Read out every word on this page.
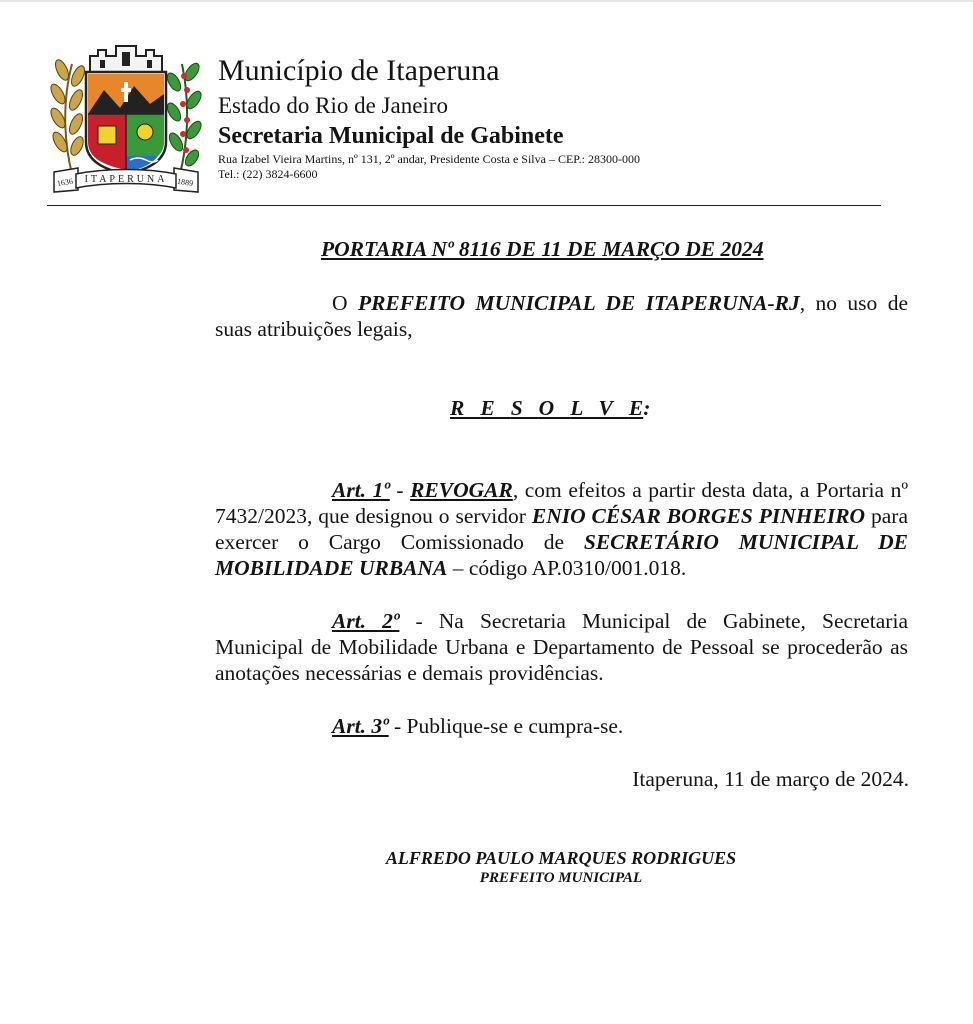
1636 ITAPERUNA 1889
Município de Itaperuna
Estado do Rio de Janeiro
Secretaria Municipal de Gabinete
Rua Izabel Vieira Martins, nº 131, 2º andar, Presidente Costa e Silva – CEP.: 28300-000
Tel.: (22) 3824-6600
PORTARIA Nº 8116 DE 11 DE MARÇO DE 2024

O PREFEITO MUNICIPAL DE ITAPERUNA-RJ, no uso de suas atribuições legais,

RESOLVE:

Art. 1º - REVOGAR, com efeitos a partir desta data, a Portaria nº 7432/2023, que designou o servidor ENIO CÉSAR BORGES PINHEIRO para exercer o Cargo Comissionado de SECRETÁRIO MUNICIPAL DE MOBILIDADE URBANA – código AP.0310/001.018.

Art. 2º - Na Secretaria Municipal de Gabinete, Secretaria Municipal de Mobilidade Urbana e Departamento de Pessoal se procederão as anotações necessárias e demais providências.

Art. 3º - Publique-se e cumpra-se.

Itaperuna, 11 de março de 2024.
ALFREDO PAULO MARQUES RODRIGUES
PREFEITO MUNICIPAL
